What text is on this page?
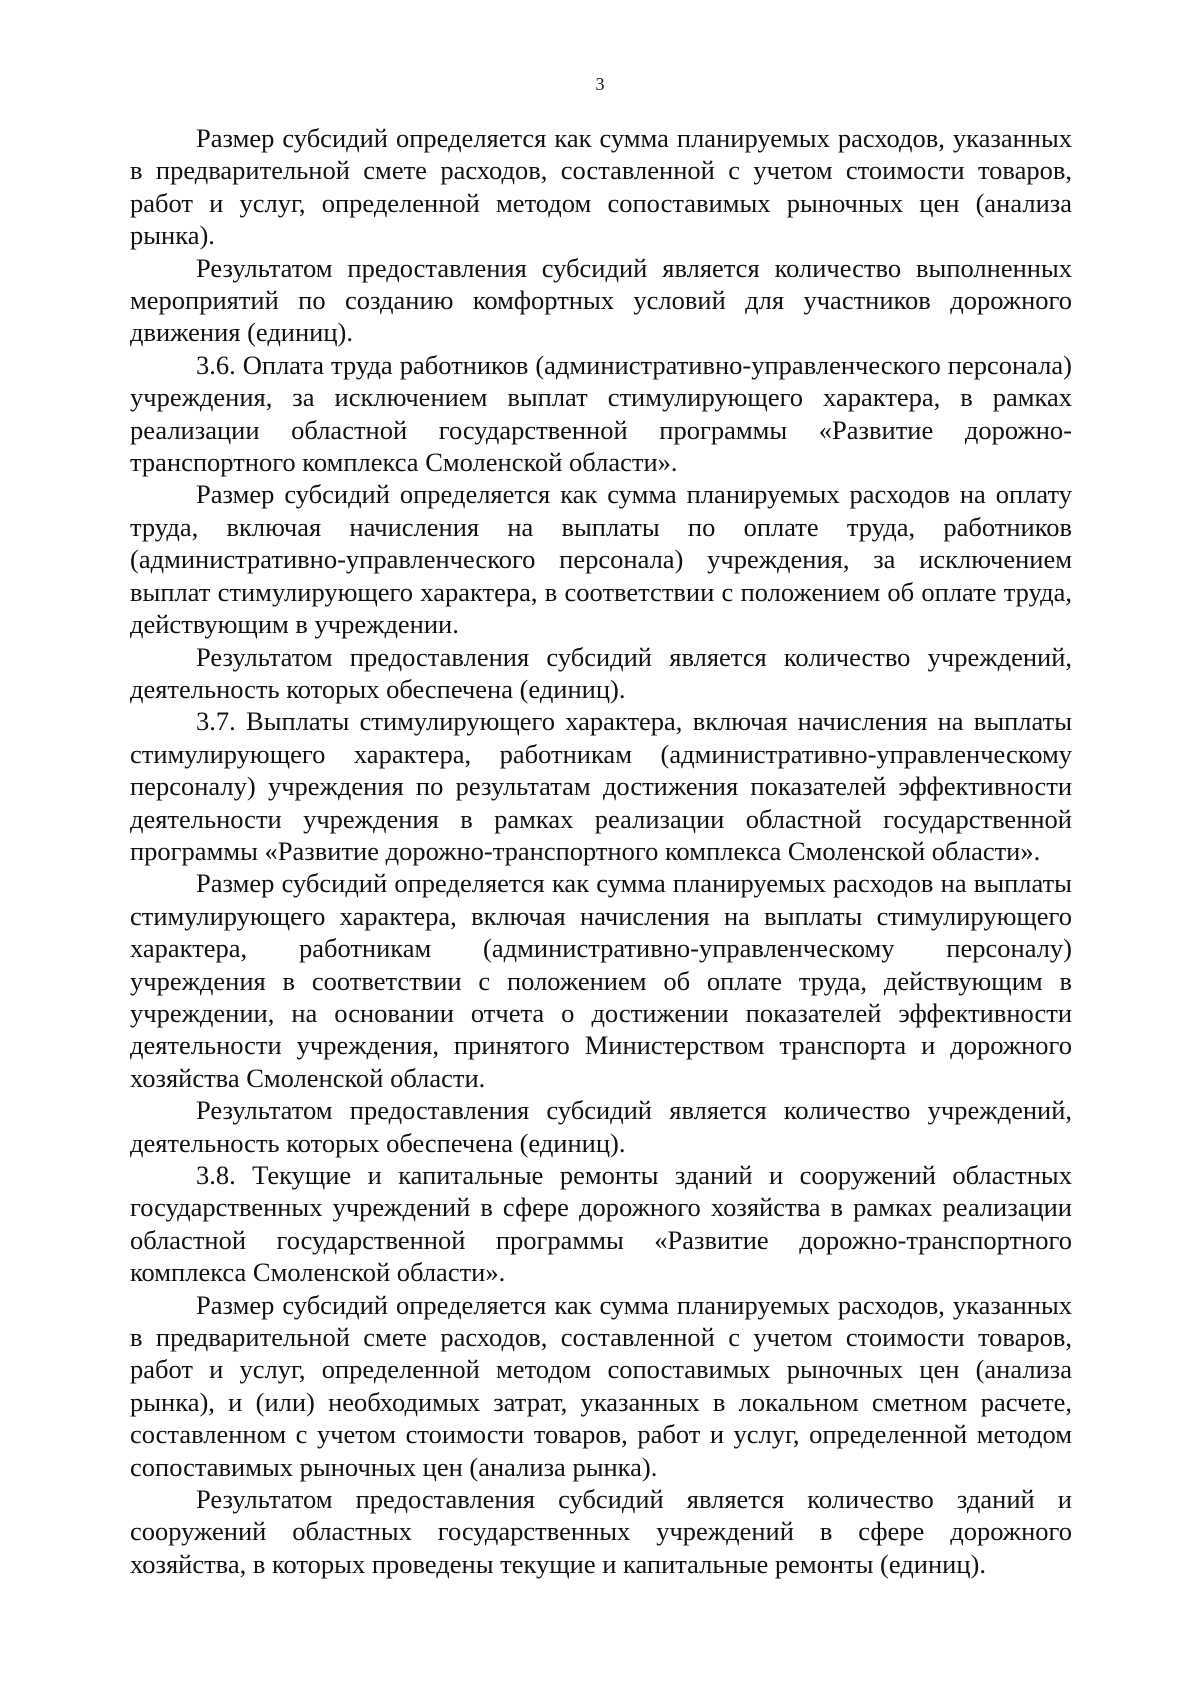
3

Размер субсидий определяется как сумма планируемых расходов, указанных в предварительной смете расходов, составленной с учетом стоимости товаров, работ и услуг, определенной методом сопоставимых рыночных цен (анализа рынка).

Результатом предоставления субсидий является количество выполненных мероприятий по созданию комфортных условий для участников дорожного движения (единиц).

3.6. Оплата труда работников (административно-управленческого персонала) учреждения, за исключением выплат стимулирующего характера, в рамках реализации областной государственной программы «Развитие дорожно-транспортного комплекса Смоленской области».

Размер субсидий определяется как сумма планируемых расходов на оплату труда, включая начисления на выплаты по оплате труда, работников (административно-управленческого персонала) учреждения, за исключением выплат стимулирующего характера, в соответствии с положением об оплате труда, действующим в учреждении.

Результатом предоставления субсидий является количество учреждений, деятельность которых обеспечена (единиц).

3.7. Выплаты стимулирующего характера, включая начисления на выплаты стимулирующего характера, работникам (административно-управленческому персоналу) учреждения по результатам достижения показателей эффективности деятельности учреждения в рамках реализации областной государственной программы «Развитие дорожно-транспортного комплекса Смоленской области».

Размер субсидий определяется как сумма планируемых расходов на выплаты стимулирующего характера, включая начисления на выплаты стимулирующего характера, работникам (административно-управленческому персоналу) учреждения в соответствии с положением об оплате труда, действующим в учреждении, на основании отчета о достижении показателей эффективности деятельности учреждения, принятого Министерством транспорта и дорожного хозяйства Смоленской области.

Результатом предоставления субсидий является количество учреждений, деятельность которых обеспечена (единиц).

3.8. Текущие и капитальные ремонты зданий и сооружений областных государственных учреждений в сфере дорожного хозяйства в рамках реализации областной государственной программы «Развитие дорожно-транспортного комплекса Смоленской области».

Размер субсидий определяется как сумма планируемых расходов, указанных в предварительной смете расходов, составленной с учетом стоимости товаров, работ и услуг, определенной методом сопоставимых рыночных цен (анализа рынка), и (или) необходимых затрат, указанных в локальном сметном расчете, составленном с учетом стоимости товаров, работ и услуг, определенной методом сопоставимых рыночных цен (анализа рынка).

Результатом предоставления субсидий является количество зданий и сооружений областных государственных учреждений в сфере дорожного хозяйства, в которых проведены текущие и капитальные ремонты (единиц).
